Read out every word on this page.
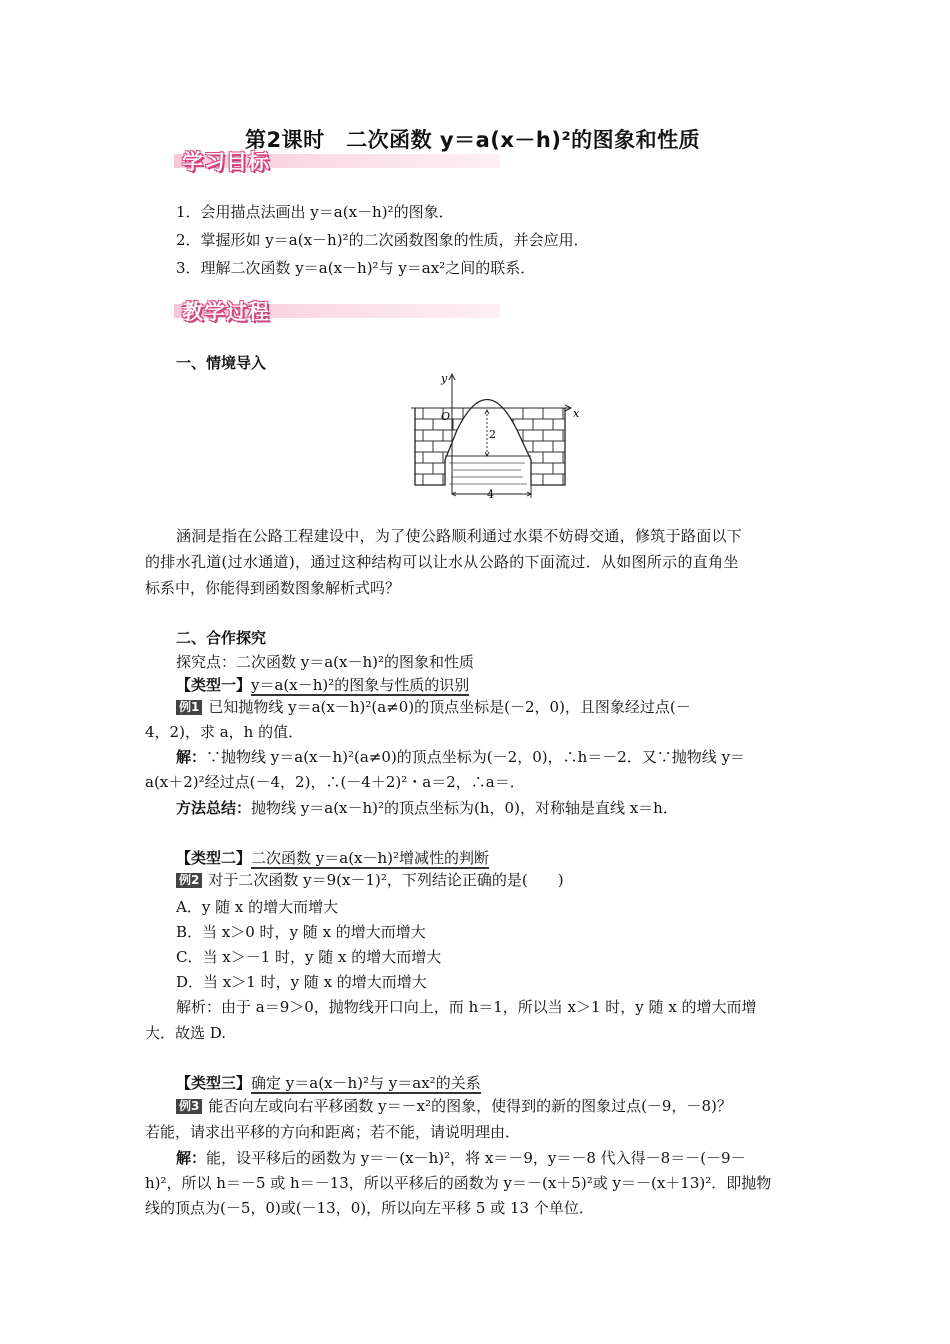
第2课时　二次函数 y＝a(x－h)²的图象和性质
学习目标
1．会用描点法画出 y＝a(x－h)²的图象．
2．掌握形如 y＝a(x－h)²的二次函数图象的性质，并会应用．
3．理解二次函数 y＝a(x－h)²与 y＝ax²之间的联系．
教学过程
一、情境导入
y
x
O
2
4
涵洞是指在公路工程建设中，为了使公路顺利通过水渠不妨碍交通，修筑于路面以下
的排水孔道(过水通道)，通过这种结构可以让水从公路的下面流过．从如图所示的直角坐
标系中，你能得到函数图象解析式吗？
二、合作探究
探究点：二次函数 y＝a(x－h)²的图象和性质
【类型一】y＝a(x－h)²的图象与性质的识别
例1 已知抛物线 y＝a(x－h)²(a≠0)的顶点坐标是(－2，0)，且图象经过点(－
4，2)，求 a，h 的值．
解：∵抛物线 y＝a(x－h)²(a≠0)的顶点坐标为(－2，0)，∴h＝－2．又∵抛物线 y＝
a(x＋2)²经过点(－4，2)，∴(－4＋2)²・a＝2，∴a＝．
方法总结：抛物线 y＝a(x－h)²的顶点坐标为(h，0)，对称轴是直线 x＝h．
【类型二】二次函数 y＝a(x－h)²增减性的判断
例2 对于二次函数 y＝9(x－1)²，下列结论正确的是(　　)
A．y 随 x 的增大而增大
B．当 x＞0 时，y 随 x 的增大而增大
C．当 x＞－1 时，y 随 x 的增大而增大
D．当 x＞1 时，y 随 x 的增大而增大
解析：由于 a＝9＞0，抛物线开口向上，而 h＝1，所以当 x＞1 时，y 随 x 的增大而增
大．故选 D.
【类型三】确定 y＝a(x－h)²与 y＝ax²的关系
例3 能否向左或向右平移函数 y＝－x²的图象，使得到的新的图象过点(－9，－8)？
若能，请求出平移的方向和距离；若不能，请说明理由．
解：能，设平移后的函数为 y＝－(x－h)²，将 x＝－9，y＝－8 代入得－8＝－(－9－
h)²，所以 h＝－5 或 h＝－13，所以平移后的函数为 y＝－(x＋5)²或 y＝－(x＋13)²．即抛物
线的顶点为(－5，0)或(－13，0)，所以向左平移 5 或 13 个单位．
